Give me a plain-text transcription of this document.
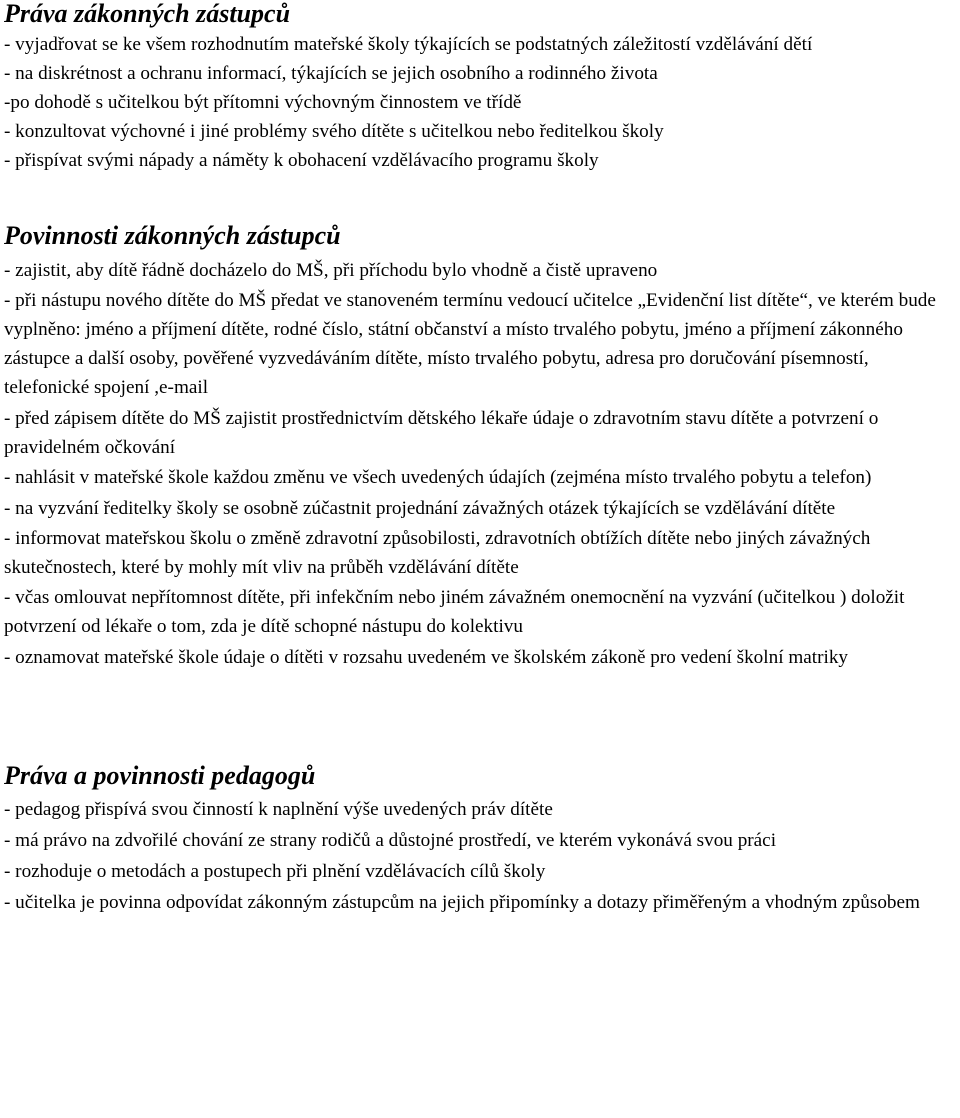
Práva zákonných zástupců

- vyjadřovat se ke všem rozhodnutím mateřské školy týkajících se podstatných záležitostí vzdělávání dětí

- na diskrétnost a ochranu informací, týkajících se jejich osobního a rodinného života

-po dohodě s učitelkou být přítomni výchovným činnostem ve třídě

- konzultovat výchovné i jiné problémy svého dítěte s učitelkou nebo ředitelkou školy

- přispívat svými nápady a náměty k obohacení vzdělávacího programu školy

Povinnosti zákonných zástupců

- zajistit, aby dítě řádně docházelo do MŠ, při příchodu bylo vhodně a čistě upraveno

- při nástupu nového dítěte do MŠ předat ve stanoveném termínu vedoucí učitelce „Evidenční list dítěte“, ve kterém bude vyplněno: jméno a příjmení dítěte, rodné číslo, státní občanství a místo trvalého pobytu, jméno a příjmení zákonného zástupce a další osoby, pověřené vyzvedáváním dítěte, místo trvalého pobytu, adresa pro doručování písemností, telefonické spojení ,e-mail

- před zápisem dítěte do MŠ zajistit prostřednictvím dětského lékaře údaje o zdravotním stavu dítěte a potvrzení o pravidelném očkování

- nahlásit v mateřské škole každou změnu ve všech uvedených údajích (zejména místo trvalého pobytu a telefon)

- na vyzvání ředitelky školy se osobně zúčastnit projednání závažných otázek týkajících se vzdělávání dítěte

- informovat mateřskou školu o změně zdravotní způsobilosti, zdravotních obtížích dítěte nebo jiných závažných skutečnostech, které by mohly mít vliv na průběh vzdělávání dítěte

- včas omlouvat nepřítomnost dítěte, při infekčním nebo jiném závažném onemocnění na vyzvání (učitelkou ) doložit potvrzení od lékaře o tom, zda je dítě schopné nástupu do kolektivu

- oznamovat mateřské škole údaje o dítěti v rozsahu uvedeném ve školském zákoně pro vedení školní matriky

Práva a povinnosti pedagogů

- pedagog přispívá svou činností k naplnění výše uvedených práv dítěte

- má právo na zdvořilé chování ze strany rodičů a důstojné prostředí, ve kterém vykonává svou práci

- rozhoduje o metodách a postupech při plnění vzdělávacích cílů školy

- učitelka je povinna odpovídat zákonným zástupcům na jejich připomínky a dotazy přiměřeným a vhodným způsobem
